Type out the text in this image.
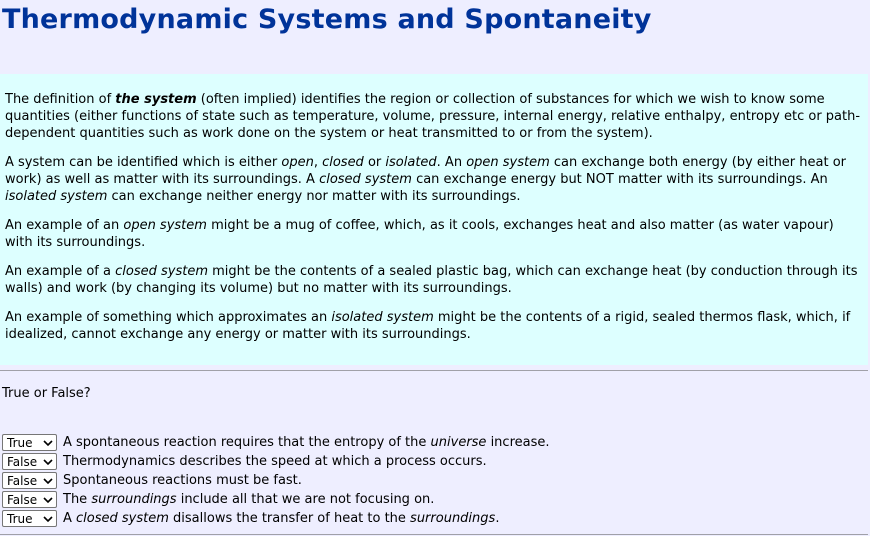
Thermodynamic Systems and Spontaneity

The definition of the system (often implied) identifies the region or collection of substances for which we wish to know some quantities (either functions of state such as temperature, volume, pressure, internal energy, relative enthalpy, entropy etc or path-dependent quantities such as work done on the system or heat transmitted to or from the system).

A system can be identified which is either open, closed or isolated. An open system can exchange both energy (by either heat or work) as well as matter with its surroundings. A closed system can exchange energy but NOT matter with its surroundings. An isolated system can exchange neither energy nor matter with its surroundings.

An example of an open system might be a mug of coffee, which, as it cools, exchanges heat and also matter (as water vapour) with its surroundings.

An example of a closed system might be the contents of a sealed plastic bag, which can exchange heat (by conduction through its walls) and work (by changing its volume) but no matter with its surroundings.

An example of something which approximates an isolated system might be the contents of a rigid, sealed thermos flask, which, if idealized, cannot exchange any energy or matter with its surroundings.

True or False?
True A spontaneous reaction requires that the entropy of the universe increase.
False Thermodynamics describes the speed at which a process occurs.
False Spontaneous reactions must be fast.
False The surroundings include all that we are not focusing on.
True A closed system disallows the transfer of heat to the surroundings.
